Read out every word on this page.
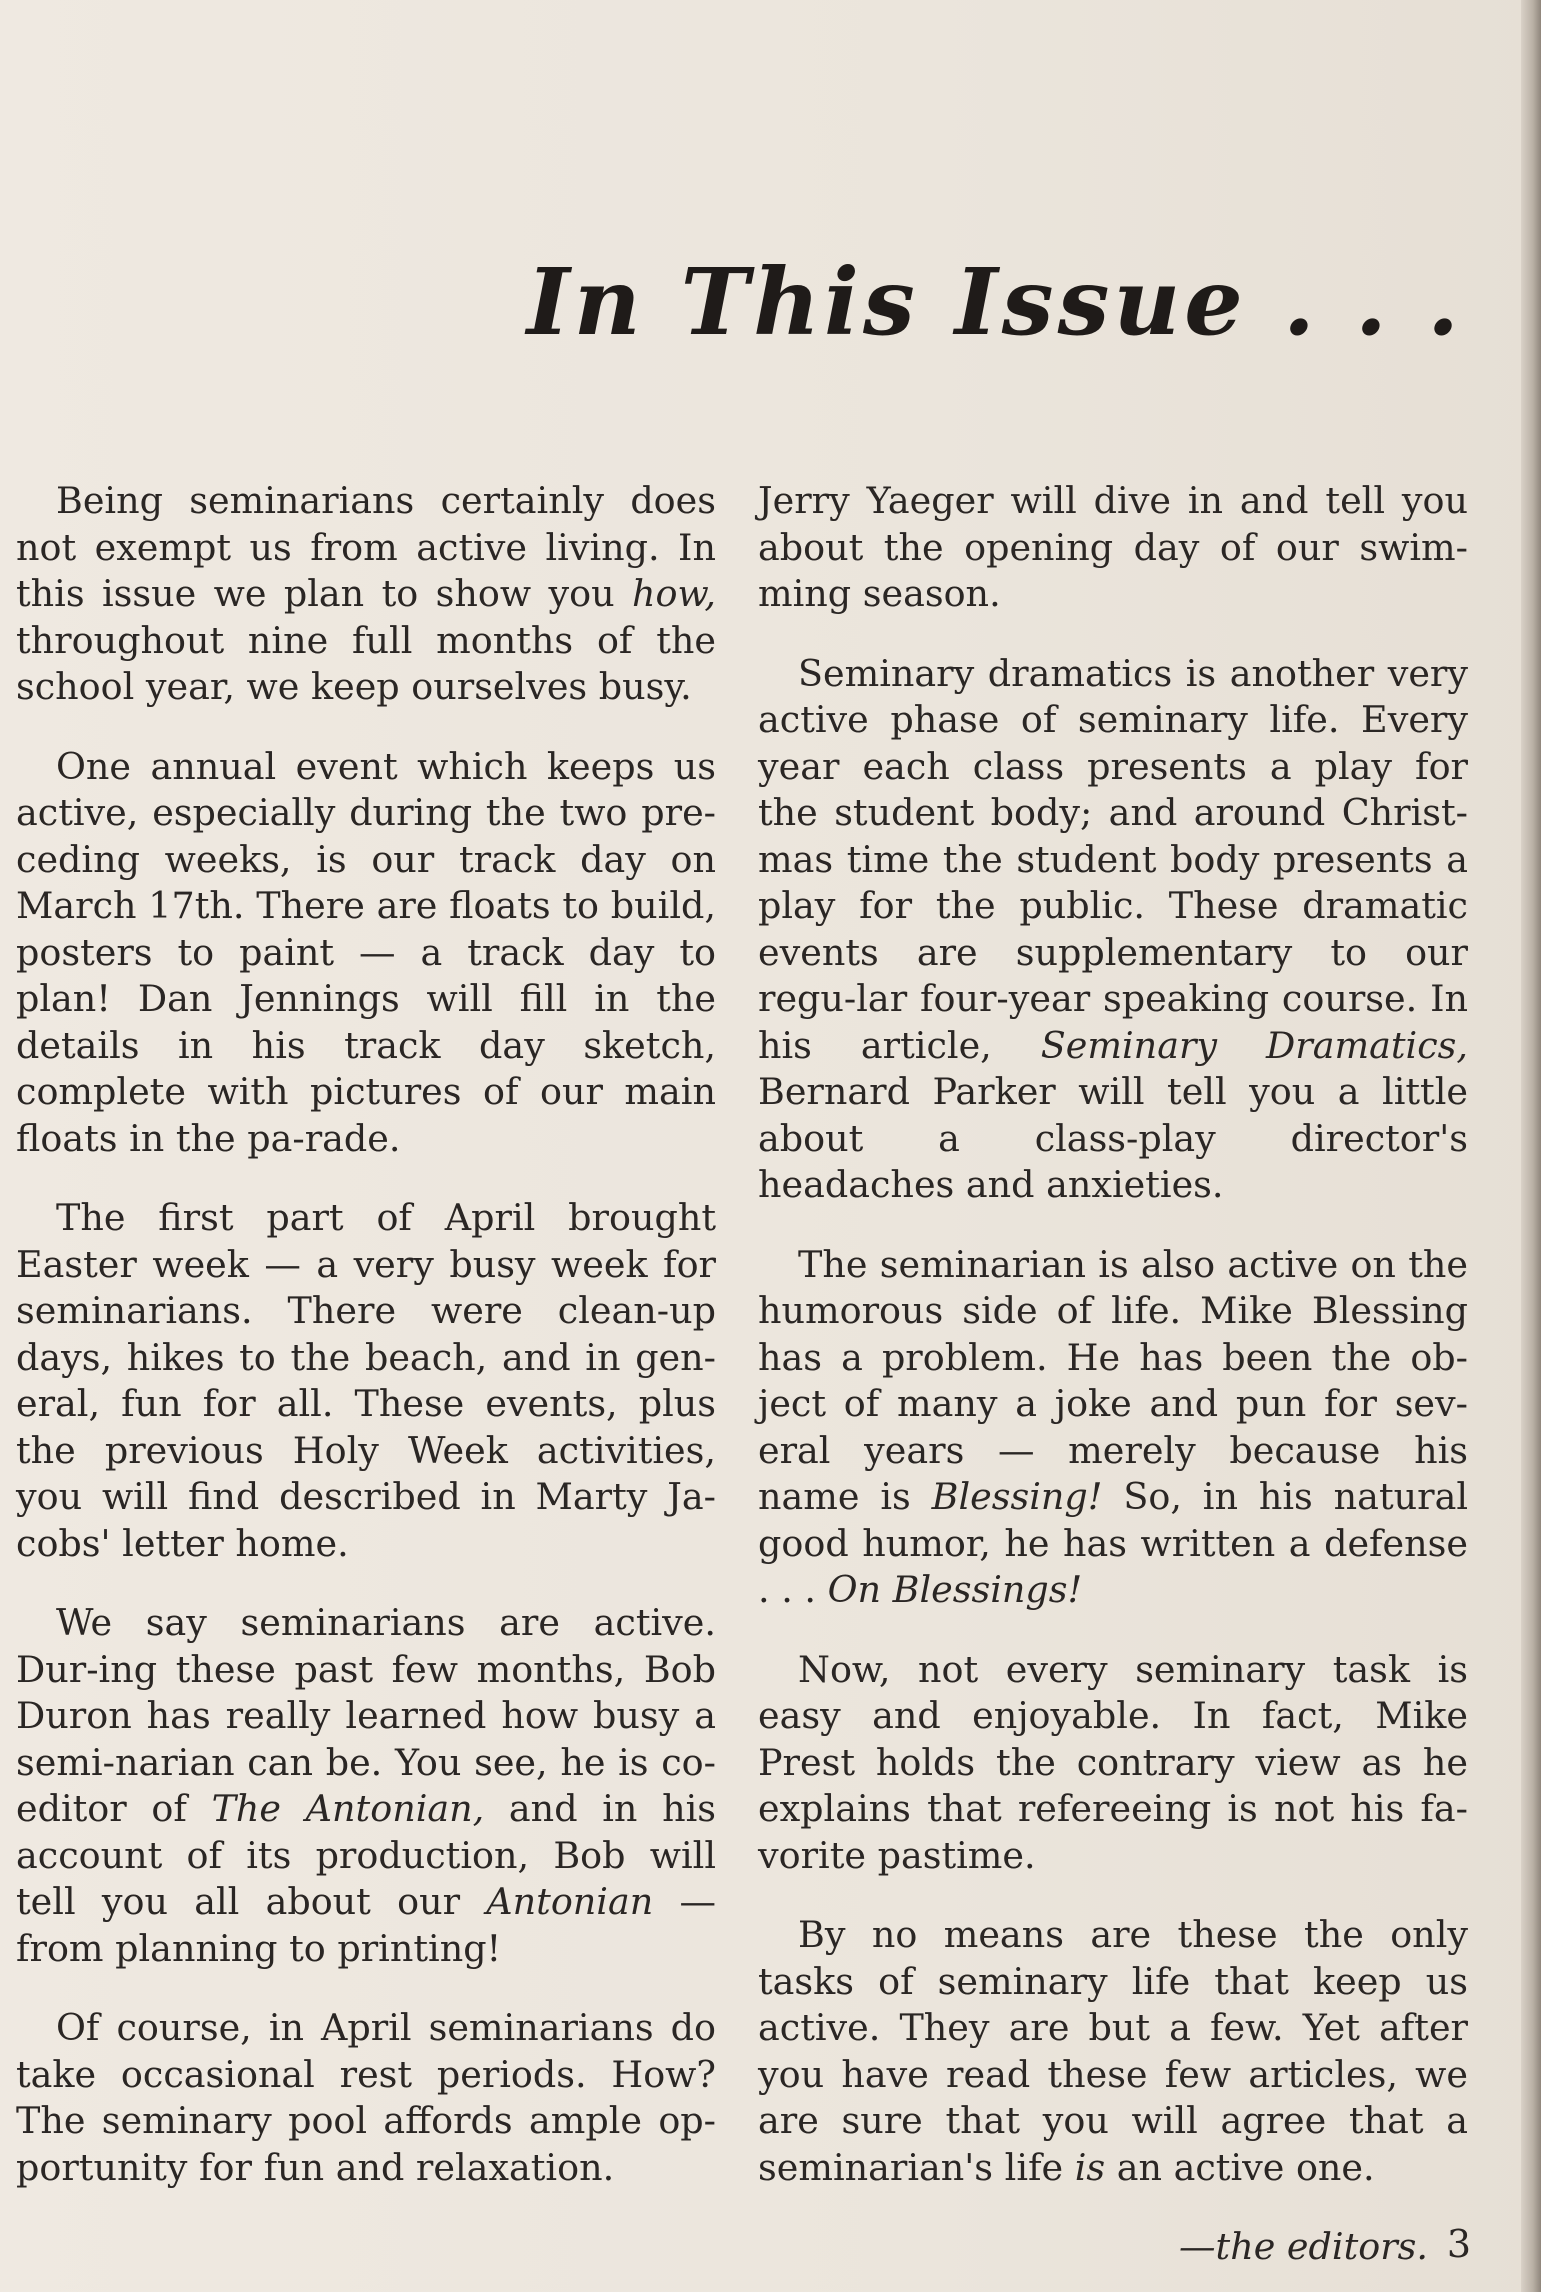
In This Issue . . .

Being seminarians certainly does not exempt us from active living. In this issue we plan to show you how, throughout nine full months of the school year, we keep ourselves busy.

One annual event which keeps us active, especially during the two pre-ceding weeks, is our track day on March 17th. There are floats to build, posters to paint — a track day to plan! Dan Jennings will fill in the details in his track day sketch, complete with pictures of our main floats in the pa-rade.

The first part of April brought Easter week — a very busy week for seminarians. There were clean-up days, hikes to the beach, and in gen-eral, fun for all. These events, plus the previous Holy Week activities, you will find described in Marty Ja-cobs' letter home.

We say seminarians are active. Dur-ing these past few months, Bob Duron has really learned how busy a semi-narian can be. You see, he is co-editor of The Antonian, and in his account of its production, Bob will tell you all about our Antonian — from planning to printing!

Of course, in April seminarians do take occasional rest periods. How? The seminary pool affords ample op-portunity for fun and relaxation.

Jerry Yaeger will dive in and tell you about the opening day of our swim-ming season.

Seminary dramatics is another very active phase of seminary life. Every year each class presents a play for the student body; and around Christ-mas time the student body presents a play for the public. These dramatic events are supplementary to our regu-lar four-year speaking course. In his article, Seminary Dramatics, Bernard Parker will tell you a little about a class-play director's headaches and anxieties.

The seminarian is also active on the humorous side of life. Mike Blessing has a problem. He has been the ob-ject of many a joke and pun for sev-eral years — merely because his name is Blessing! So, in his natural good humor, he has written a defense . . . On Blessings!

Now, not every seminary task is easy and enjoyable. In fact, Mike Prest holds the contrary view as he explains that refereeing is not his fa-vorite pastime.

By no means are these the only tasks of seminary life that keep us active. They are but a few. Yet after you have read these few articles, we are sure that you will agree that a seminarian's life is an active one.

—the editors. 3
